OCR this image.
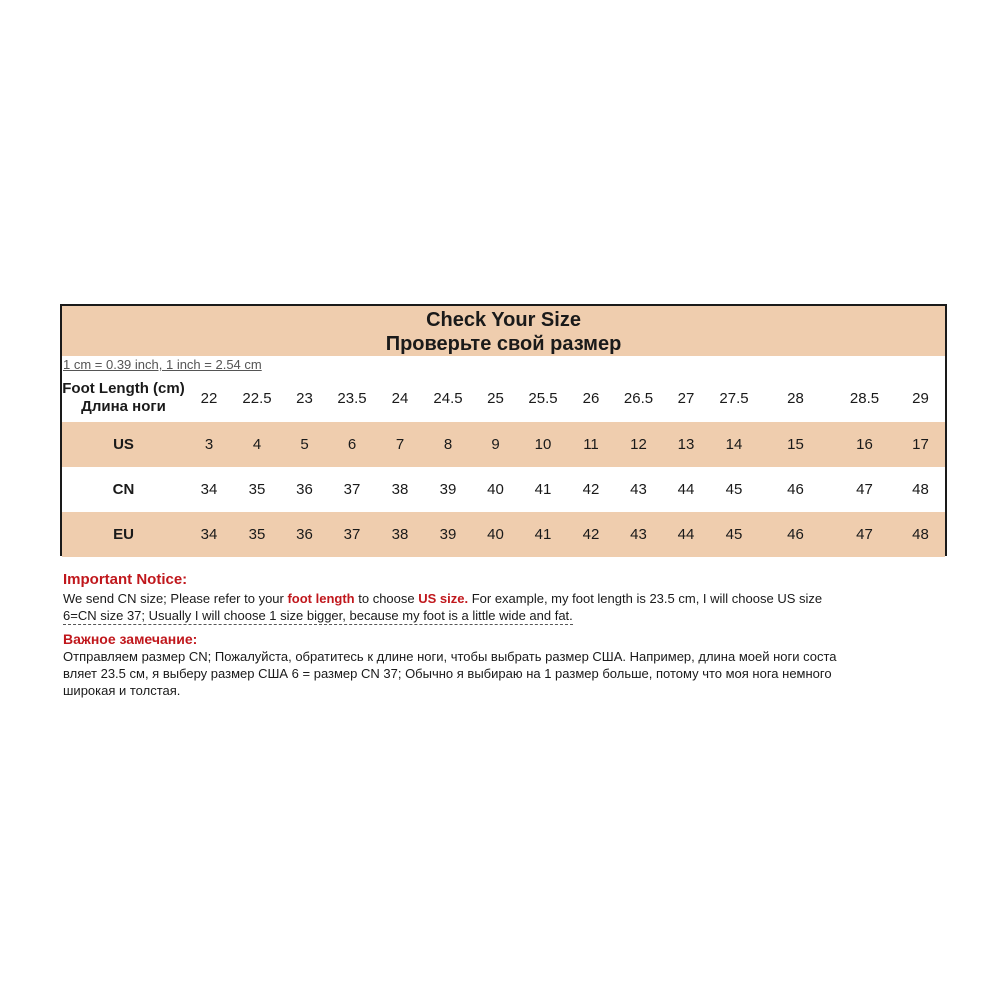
Check Your Size
Проверьте свой размер
1 cm = 0.39 inch, 1 inch = 2.54 cm
Foot Length (cm)
Длина ноги	22	22.5	23	23.5	24	24.5	25	25.5	26	26.5	27	27.5	28	28.5	29
US	3	4	5	6	7	8	9	10	11	12	13	14	15	16	17
CN	34	35	36	37	38	39	40	41	42	43	44	45	46	47	48
EU	34	35	36	37	38	39	40	41	42	43	44	45	46	47	48
Important Notice:
We send CN size; Please refer to your foot length to choose US size. For example, my foot length is 23.5 cm, I will choose US size
6=CN size 37; Usually I will choose 1 size bigger, because my foot is a little wide and fat.
Важное замечание:
Отправляем размер CN; Пожалуйста, обратитесь к длине ноги, чтобы выбрать размер США. Например, длина моей ноги соста
вляет 23.5 см, я выберу размер США 6 = размер CN 37; Обычно я выбираю на 1 размер больше, потому что моя нога немного
широкая и толстая.
